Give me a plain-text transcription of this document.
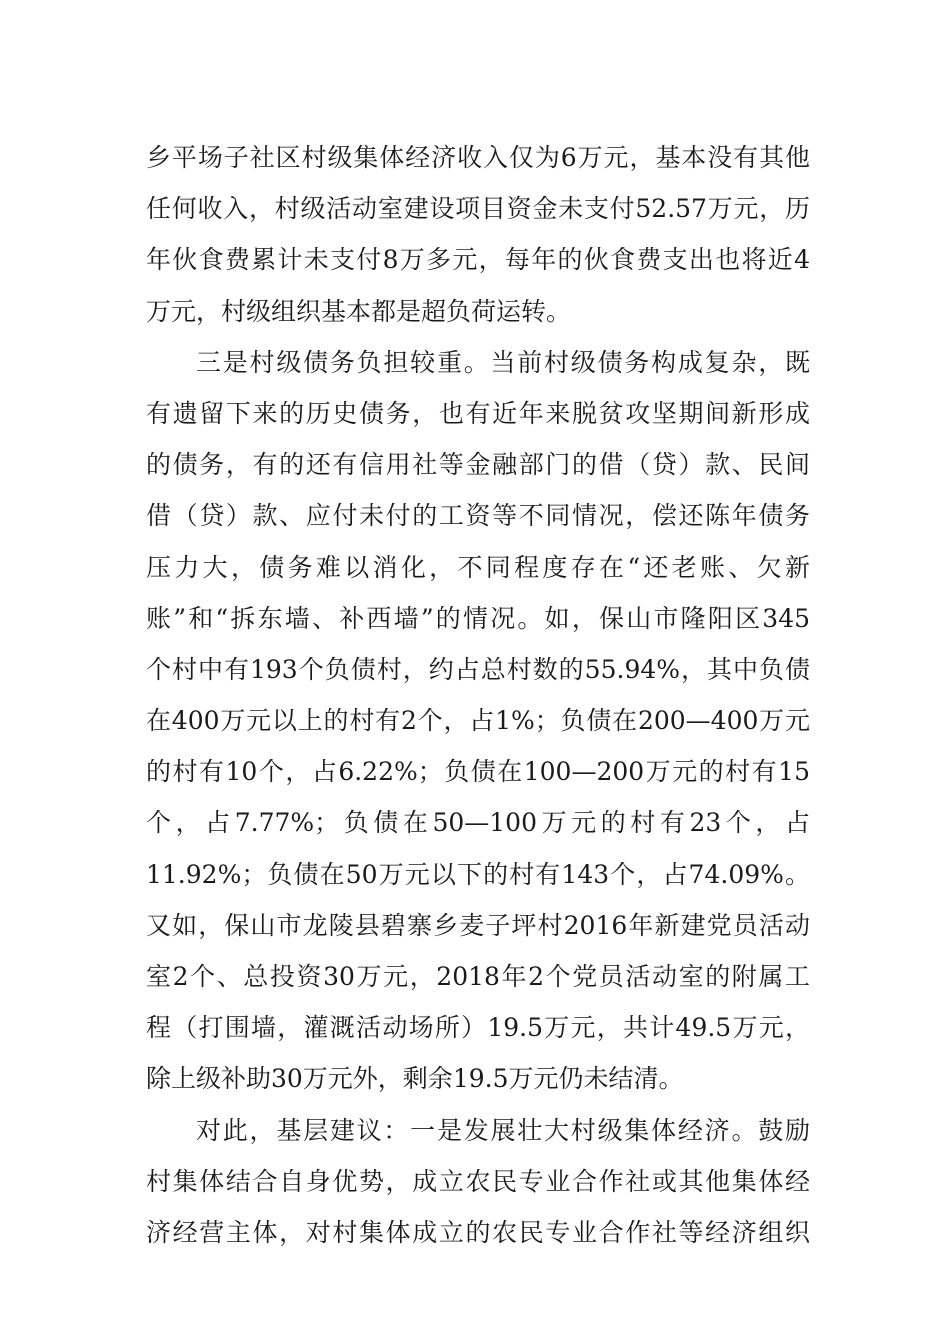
乡平场子社区村级集体经济收入仅为6万元，基本没有其他
任何收入，村级活动室建设项目资金未支付52.57万元，历
年伙食费累计未支付8万多元，每年的伙食费支出也将近4
万元，村级组织基本都是超负荷运转。
三是村级债务负担较重。当前村级债务构成复杂，既
有遗留下来的历史债务，也有近年来脱贫攻坚期间新形成
的债务，有的还有信用社等金融部门的借（贷）款、民间
借（贷）款、应付未付的工资等不同情况，偿还陈年债务
压力大，债务难以消化，不同程度存在“还老账、欠新
账”和“拆东墙、补西墙”的情况。如，保山市隆阳区345
个村中有193个负债村，约占总村数的55.94%，其中负债
在400万元以上的村有2个，占1%；负债在200—400万元
的村有10个，占6.22%；负债在100—200万元的村有15
个，占7.77%；负债在50—100万元的村有23个，占
11.92%；负债在50万元以下的村有143个，占74.09%。
又如，保山市龙陵县碧寨乡麦子坪村2016年新建党员活动
室2个、总投资30万元，2018年2个党员活动室的附属工
程（打围墙，灌溉活动场所）19.5万元，共计49.5万元，
除上级补助30万元外，剩余19.5万元仍未结清。
对此，基层建议：一是发展壮大村级集体经济。鼓励
村集体结合自身优势，成立农民专业合作社或其他集体经
济经营主体，对村集体成立的农民专业合作社等经济组织
